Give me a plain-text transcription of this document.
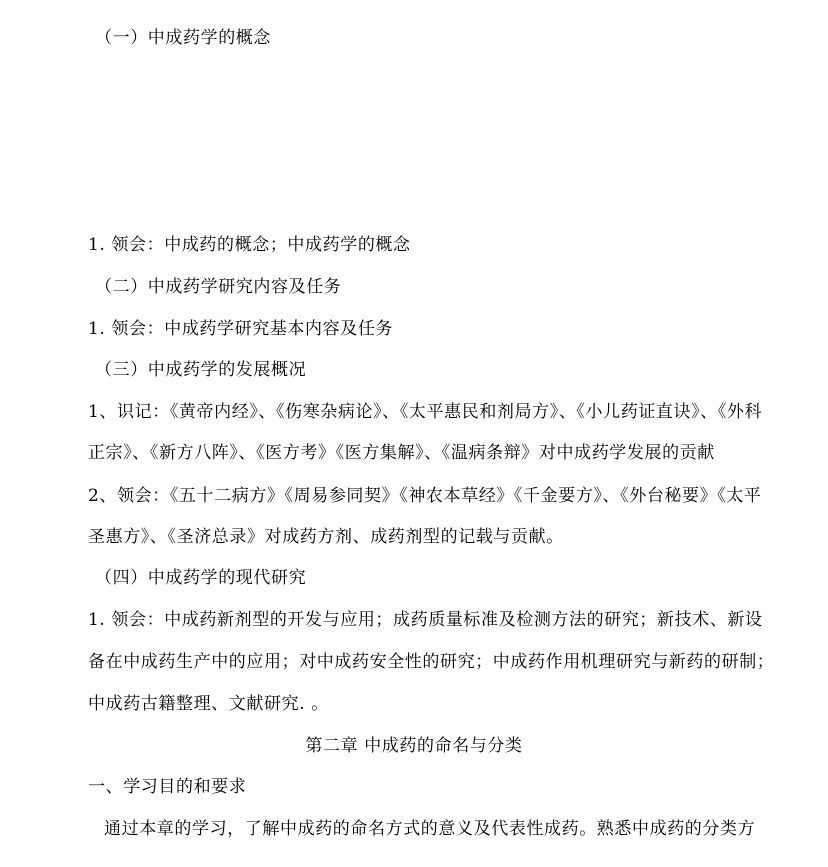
（一）中成药学的概念
1. 领会：中成药的概念；中成药学的概念
（二）中成药学研究内容及任务
1. 领会：中成药学研究基本内容及任务
（三）中成药学的发展概况
1、识记：《黄帝内经》、《伤寒杂病论》、《太平惠民和剂局方》、《小儿药证直诀》、《外科
正宗》、《新方八阵》、《医方考》《医方集解》、《温病条辩》对中成药学发展的贡献
2、领会：《五十二病方》《周易参同契》《神农本草经》《千金要方》、《外台秘要》《太平
圣惠方》、《圣济总录》对成药方剂、成药剂型的记载与贡献。
（四）中成药学的现代研究
1. 领会：中成药新剂型的开发与应用；成药质量标准及检测方法的研究；新技术、新设
备在中成药生产中的应用；对中成药安全性的研究；中成药作用机理研究与新药的研制；
中成药古籍整理、文献研究. 。
第二章 中成药的命名与分类
一、学习目的和要求
通过本章的学习，了解中成药的命名方式的意义及代表性成药。熟悉中成药的分类方
